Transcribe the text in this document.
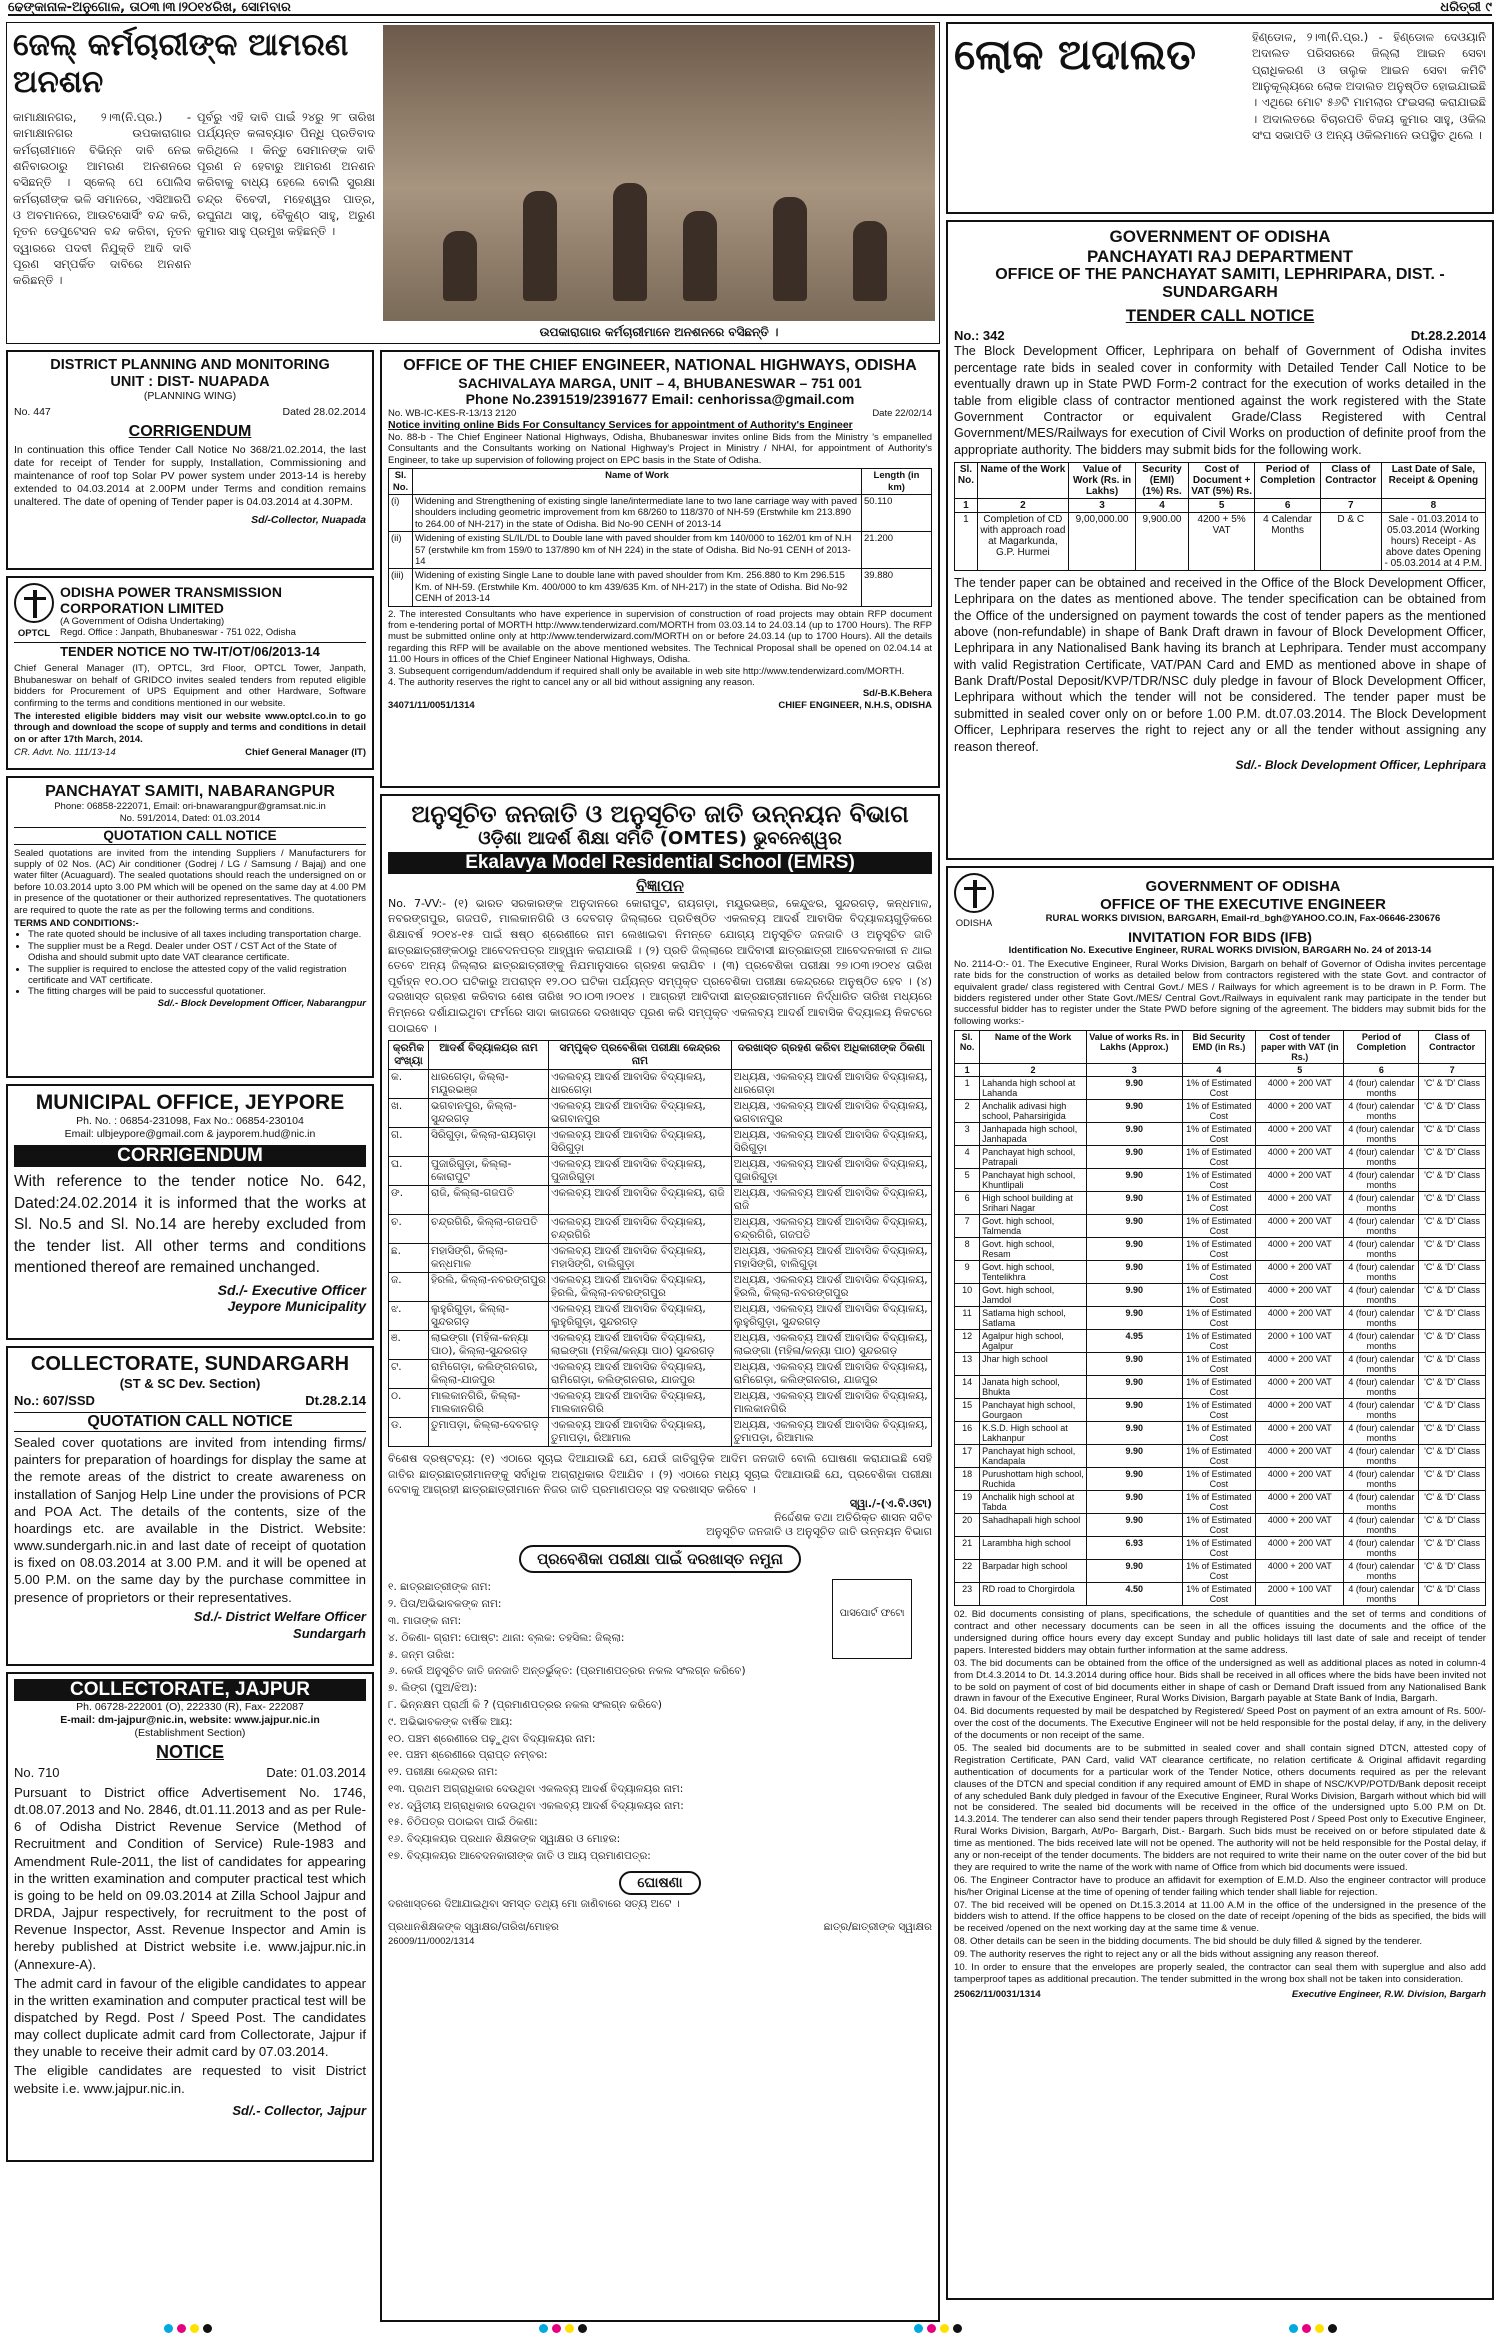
ଢେଙ୍କାନାଳ-ଅନୁଗୋଳ, ତା୦୩।୩।୨୦୧୪ରିଖ, ସୋମବାର	ଧରିତ୍ରୀ ୯
ଜେଲ୍ କର୍ମଚାରୀଙ୍କ ଆମରଣ ଅନଶନ
କାମାକ୍ଷାନଗର, ୨।୩(ନି.ପ୍ର.) - କାମାକ୍ଷାନଗର ଉପକାରାଗାର କର୍ମଚାରୀମାନେ ବିଭିନ୍ନ ଦାବି ନେଇ ଶନିବାରଠାରୁ ଆମରଣ ଅନଶନରେ ବସିଛନ୍ତି । ସ୍କେଲ୍ ପେ ପୋଲିସ କର୍ମଚାରୀଙ୍କ ଭଳି ସମାନରେ, ଏସିଆରପି ଓ ଅବମାନରେ, ଆଉଟସୋର୍ସିଂ ବନ୍ଦ କରି, ନୂତନ ଡେପୁଟେସନ ବନ୍ଦ କରିବା, ନୂତନ ଦ୍ୱାରରେ ପଦବୀ ନିଯୁକ୍ତି ଆଦି ଦାବି ପୂରଣ ସମ୍ପର୍କିତ ଦାବିରେ ଅନଶନ କରିଛନ୍ତି ।
ପୂର୍ବରୁ ଏହି ଦାବି ପାଇଁ ୨୪ରୁ ୨୮ ତାରିଖ ପର୍ଯ୍ୟନ୍ତ କଳାବ୍ୟାଚ ପିନ୍ଧି ପ୍ରତିବାଦ କରିଥିଲେ । କିନ୍ତୁ ସେମାନଙ୍କ ଦାବି ପୂରଣ ନ ହେବାରୁ ଆମରଣ ଅନଶନ କରିବାକୁ ବାଧ୍ୟ ହେଲେ ବୋଲି ସୁରକ୍ଷା ଚନ୍ଦ୍ର ବିବେଦୀ, ମହେଶ୍ୱର ପାତ୍ର, ରଘୁନାଥ ସାହୁ, ବୈକୁଣ୍ଠ ସାହୁ, ଅରୁଣ କୁମାର ସାହୁ ପ୍ରମୁଖ କହିଛନ୍ତି ।
ଉପକାରାଗାର କର୍ମଚାରୀମାନେ ଅନଶନରେ ବସିଛନ୍ତି ।
DISTRICT PLANNING AND MONITORING
UNIT : DIST- NUAPADA
(PLANNING WING)
No. 447	Dated 28.02.2014
CORRIGENDUM
In continuation this office Tender Call Notice No 368/21.02.2014, the last date for receipt of Tender for supply, Installation, Commissioning and maintenance of roof top Solar PV power system under 2013-14 is hereby extended to 04.03.2014 at 2.00PM under Terms and condition remains unaltered. The date of opening of Tender paper is 04.03.2014 at 4.30PM.
Sd/-Collector, Nuapada
OPTCL
ODISHA POWER TRANSMISSION
CORPORATION LIMITED
(A Government of Odisha Undertaking)
Regd. Office : Janpath, Bhubaneswar - 751 022, Odisha
TENDER NOTICE NO TW-IT/OT/06/2013-14
Chief General Manager (IT), OPTCL, 3rd Floor, OPTCL Tower, Janpath, Bhubaneswar on behalf of GRIDCO invites sealed tenders from reputed eligible bidders for Procurement of UPS Equipment and other Hardware, Software confirming to the terms and conditions mentioned in our website.
The interested eligible bidders may visit our website www.optcl.co.in to go through and download the scope of supply and terms and conditions in detail on or after 17th March, 2014.
CR. Advt. No. 111/13-14	Chief General Manager (IT)
PANCHAYAT SAMITI, NABARANGPUR
Phone: 06858-222071, Email: ori-bnawarangpur@gramsat.nic.in
No. 591/2014, Dated: 01.03.2014
QUOTATION CALL NOTICE
Sealed quotations are invited from the intending Suppliers / Manufacturers for supply of 02 Nos. (AC) Air conditioner (Godrej / LG / Samsung / Bajaj) and one water filter (Acuaguard). The sealed quotations should reach the undersigned on or before 10.03.2014 upto 3.00 PM which will be opened on the same day at 4.00 PM in presence of the quotationer or their authorized representatives. The quotationers are required to quote the rate as per the following terms and conditions.
TERMS AND CONDITIONS:-
• The rate quoted should be inclusive of all taxes including transportation charge.
• The supplier must be a Regd. Dealer under OST / CST Act of the State of Odisha and should submit upto date VAT clearance certificate.
• The supplier is required to enclose the attested copy of the valid registration certificate and VAT certificate.
• The fitting charges will be paid to successful quotationer.
Sd/.- Block Development Officer, Nabarangpur
MUNICIPAL OFFICE, JEYPORE
Ph. No. : 06854-231098, Fax No.: 06854-230104
Email: ulbjeypore@gmail.com & jayporem.hud@nic.in
CORRIGENDUM
With reference to the tender notice No. 642, Dated:24.02.2014 it is informed that the works at Sl. No.5 and Sl. No.14 are hereby excluded from the tender list. All other terms and conditions mentioned thereof are remained unchanged.
Sd./- Executive Officer
Jeypore Municipality
COLLECTORATE, SUNDARGARH
(ST & SC Dev. Section)
No.: 607/SSD	Dt.28.2.14
QUOTATION CALL NOTICE
Sealed cover quotations are invited from intending firms/ painters for preparation of hoardings for display the same at the remote areas of the district to create awareness on installation of Sanjog Help Line under the provisions of PCR and POA Act. The details of the contents, size of the hoardings etc. are available in the District. Website: www.sundergarh.nic.in and last date of receipt of quotation is fixed on 08.03.2014 at 3.00 P.M. and it will be opened at 5.00 P.M. on the same day by the purchase committee in presence of proprietors or their representatives.
Sd./- District Welfare Officer
Sundargarh
COLLECTORATE, JAJPUR
Ph. 06728-222001 (O), 222330 (R), Fax- 222087
E-mail: dm-jajpur@nic.in, website: www.jajpur.nic.in
(Establishment Section)
NOTICE
No. 710	Date: 01.03.2014
Pursuant to District office Advertisement No. 1746, dt.08.07.2013 and No. 2846, dt.01.11.2013 and as per Rule-6 of Odisha District Revenue Service (Method of Recruitment and Condition of Service) Rule-1983 and Amendment Rule-2011, the list of candidates for appearing in the written examination and computer practical test which is going to be held on 09.03.2014 at Zilla School Jajpur and DRDA, Jajpur respectively, for recruitment to the post of Revenue Inspector, Asst. Revenue Inspector and Amin is hereby published at District website i.e. www.jajpur.nic.in (Annexure-A).
The admit card in favour of the eligible candidates to appear in the written examination and computer practical test will be dispatched by Regd. Post / Speed Post. The candidates may collect duplicate admit card from Collectorate, Jajpur if they unable to receive their admit card by 07.03.2014.
The eligible candidates are requested to visit District website i.e. www.jajpur.nic.in.
Sd/.- Collector, Jajpur
OFFICE OF THE CHIEF ENGINEER, NATIONAL HIGHWAYS, ODISHA
SACHIVALAYA MARGA, UNIT – 4, BHUBANESWAR – 751 001
Phone No.2391519/2391677 Email: cenhorissa@gmail.com
No. WB-IC-KES-R-13/13 2120	Date 22/02/14
Notice inviting online Bids For Consultancy Services for appointment of Authority's Engineer
No. 88-b - The Chief Engineer National Highways, Odisha, Bhubaneswar invites online Bids from the Ministry 's empanelled Consultants and the Consultants working on National Highway's Project in Ministry / NHAI, for appointment of Authority's Engineer, to take up supervision of following project on EPC basis in the State of Odisha.
Sl. No.	Name of Work	Length (in km)
(i)	Widening and Strengthening of existing single lane/intermediate lane to two lane carriage way with paved shoulders including geometric improvement from km 68/260 to 118/370 of NH-59 (Erstwhile km 213.890 to 264.00 of NH-217) in the state of Odisha. Bid No-90 CENH of 2013-14	50.110
(ii)	Widening of existing SL/IL/DL to Double lane with paved shoulder from km 140/000 to 162/01 km of N.H 57 (erstwhile km from 159/0 to 137/890 km of NH 224) in the state of Odisha. Bid No-91 CENH of 2013-14	21.200
(iii)	Widening of existing Single Lane to double lane with paved shoulder from Km. 256.880 to Km 296.515 Km. of NH-59. (Erstwhile Km. 400/000 to km 439/635 Km. of NH-217) in the state of Odisha. Bid No-92 CENH of 2013-14	39.880
2. The interested Consultants who have experience in supervision of construction of road projects may obtain RFP document from e-tendering portal of MORTH http://www.tenderwizard.com/MORTH from 03.03.14 to 24.03.14 (up to 1700 Hours). The RFP must be submitted online only at http://www.tenderwizard.com/MORTH on or before 24.03.14 (up to 1700 Hours). All the details regarding this RFP will be available on the above mentioned websites. The Technical Proposal shall be opened on 02.04.14 at 11.00 Hours in offices of the Chief Engineer National Highways, Odisha.
3. Subsequent corrigendum/addendum if required shall only be available in web site http://www.tenderwizard.com/MORTH.
4. The authority reserves the right to cancel any or all bid without assigning any reason.
Sd/-B.K.Behera
34071/11/0051/1314	CHIEF ENGINEER, N.H.S, ODISHA
ଅନୁସୂଚିତ ଜନଜାତି ଓ ଅନୁସୂଚିତ ଜାତି ଉନ୍ନୟନ ବିଭାଗ
ଓଡ଼ିଶା ଆଦର୍ଶ ଶିକ୍ଷା ସମିତି (OMTES) ଭୁବନେଶ୍ୱର
Ekalavya Model Residential School (EMRS)
ବିଜ୍ଞାପନ
No. 7-VV:- (୧) ଭାରତ ସରକାରଙ୍କ ଅନୁଦାନରେ କୋରାପୁଟ, ରାୟଗଡ଼ା, ମୟୂରଭଞ୍ଜ, କେନ୍ଦୁଝର, ସୁନ୍ଦରଗଡ଼, କନ୍ଧମାଳ, ନବରଙ୍ଗପୁର, ଗଜପତି, ମାଲକାନଗିରି ଓ ଦେବଗଡ଼ ଜିଲ୍ଲାରେ ପ୍ରତିଷ୍ଠିତ ଏକଲବ୍ୟ ଆଦର୍ଶ ଆବାସିକ ବିଦ୍ୟାଳୟଗୁଡ଼ିକରେ ଶିକ୍ଷାବର୍ଷ ୨୦୧୪-୧୫ ପାଇଁ ଷଷ୍ଠ ଶ୍ରେଣୀରେ ନାମ ଲେଖାଇବା ନିମନ୍ତେ ଯୋଗ୍ୟ ଅନୁସୂଚିତ ଜନଜାତି ଓ ଅନୁସୂଚିତ ଜାତି ଛାତ୍ରଛାତ୍ରୀଙ୍କଠାରୁ ଆବେଦନପତ୍ର ଆହ୍ୱାନ କରାଯାଉଛି । (୨) ପ୍ରତି ଜିଲ୍ଲାରେ ଆଦିବାସୀ ଛାତ୍ରଛାତ୍ରୀ ଆବେଦନକାରୀ ନ ଥାଇ ତେବେ ଅନ୍ୟ ଜିଲ୍ଲାର ଛାତ୍ରଛାତ୍ରୀଙ୍କୁ ନିଯମାନୁସାରେ ଗ୍ରହଣ କରାଯିବ । (୩) ପ୍ରବେଶିକା ପରୀକ୍ଷା ୨୭।୦୩।୨୦୧୪ ତାରିଖ ପୂର୍ବାହ୍ନ ୧୦.୦୦ ଘଟିକାରୁ ଅପରାହ୍ନ ୧୨.୦୦ ଘଟିକା ପର୍ଯ୍ୟନ୍ତ ସମ୍ପୃକ୍ତ ପ୍ରବେଶିକା ପରୀକ୍ଷା କେନ୍ଦ୍ରରେ ଅନୁଷ୍ଠିତ ହେବ । (୪) ଦରଖାସ୍ତ ଗ୍ରହଣ କରିବାର ଶେଷ ତାରିଖ ୨୦।୦୩।୨୦୧୪ । ଆଗ୍ରହୀ ଆବିଦାସୀ ଛାତ୍ରଛାତ୍ରୀମାନେ ନିର୍ଦ୍ଧାରିତ ତାରିଖ ମଧ୍ୟରେ ନିମ୍ନରେ ଦର୍ଶାଯାଇଥିବା ଫର୍ମରେ ସାଦା କାଗଜରେ ଦରଖାସ୍ତ ପୂରଣ କରି ସମ୍ପୃକ୍ତ ଏକଲବ୍ୟ ଆଦର୍ଶ ଆବାସିକ ବିଦ୍ୟାଳୟ ନିକଟରେ ପଠାଇବେ ।
କ୍ରମିକ ସଂଖ୍ୟା	ଆଦର୍ଶ ବିଦ୍ୟାଳୟର ନାମ	ସମ୍ପୃକ୍ତ ପ୍ରବେଶିକା ପରୀକ୍ଷା କେନ୍ଦ୍ରର ନାମ	ଦରଖାସ୍ତ ଗ୍ରହଣ କରିବା ଅଧିକାରୀଙ୍କ ଠିକଣା
କ.	ଧାରଗେଡ଼ା, କିଲ୍ଲା-ମୟୂରଭଞ୍ଜ	ଏକଲବ୍ୟ ଆଦର୍ଶ ଆବାସିକ ବିଦ୍ୟାଳୟ, ଧାରଗେଡ଼ା	ଅଧ୍ୟକ୍ଷ, ଏକଲବ୍ୟ ଆଦର୍ଶ ଆବାସିକ ବିଦ୍ୟାଳୟ, ଧାରଗେଡ଼ା
ଖ.	ଭଗବାନପୁର, କିଲ୍ଲା-ସୁନ୍ଦରଗଡ଼	ଏକଲବ୍ୟ ଆଦର୍ଶ ଆବାସିକ ବିଦ୍ୟାଳୟ, ଭଗବାନପୁର	ଅଧ୍ୟକ୍ଷ, ଏକଲବ୍ୟ ଆଦର୍ଶ ଆବାସିକ ବିଦ୍ୟାଳୟ, ଭଗବାନପୁର
ଗ.	ସିରିଗୁଡ଼ା, କିଲ୍ଲା-ରାୟଗଡ଼ା	ଏକଲବ୍ୟ ଆଦର୍ଶ ଆବାସିକ ବିଦ୍ୟାଳୟ, ସିରିଗୁଡ଼ା	ଅଧ୍ୟକ୍ଷ, ଏକଲବ୍ୟ ଆଦର୍ଶ ଆବାସିକ ବିଦ୍ୟାଳୟ, ସିରିଗୁଡ଼ା
ଘ.	ପୁଜାରିଗୁଡ଼ା, କିଲ୍ଲା-କୋରାପୁଟ	ଏକଲବ୍ୟ ଆଦର୍ଶ ଆବାସିକ ବିଦ୍ୟାଳୟ, ପୁଜାରିଗୁଡ଼ା	ଅଧ୍ୟକ୍ଷ, ଏକଲବ୍ୟ ଆଦର୍ଶ ଆବାସିକ ବିଦ୍ୟାଳୟ, ପୁଜାରିଗୁଡ଼ା
ଙ.	ରାଜି, କିଲ୍ଲା-ଗଜପତି	ଏକଲବ୍ୟ ଆଦର୍ଶ ଆବାସିକ ବିଦ୍ୟାଳୟ, ରାଜି	ଅଧ୍ୟକ୍ଷ, ଏକଲବ୍ୟ ଆଦର୍ଶ ଆବାସିକ ବିଦ୍ୟାଳୟ, ରାଜି
ଚ.	ଚନ୍ଦ୍ରଗିରି, କିଲ୍ଲା-ଗଜପତି	ଏକଲବ୍ୟ ଆଦର୍ଶ ଆବାସିକ ବିଦ୍ୟାଳୟ, ଚନ୍ଦ୍ରଗିରି	ଅଧ୍ୟକ୍ଷ, ଏକଲବ୍ୟ ଆଦର୍ଶ ଆବାସିକ ବିଦ୍ୟାଳୟ, ଚନ୍ଦ୍ରଗିରି, ଗଜପତି
ଛ.	ମହାସିଙ୍ଗି, କିଲ୍ଲା-କନ୍ଧମାଳ	ଏକଲବ୍ୟ ଆଦର୍ଶ ଆବାସିକ ବିଦ୍ୟାଳୟ, ମହାସିଙ୍ଗି, ବାଲିଗୁଡ଼ା	ଅଧ୍ୟକ୍ଷ, ଏକଲବ୍ୟ ଆଦର୍ଶ ଆବାସିକ ବିଦ୍ୟାଳୟ, ମହାସିଙ୍ଗି, ବାଲିଗୁଡ଼ା
ଜ.	ହିରଲି, କିଲ୍ଲା-ନବରଙ୍ଗପୁର	ଏକଲବ୍ୟ ଆଦର୍ଶ ଆବାସିକ ବିଦ୍ୟାଳୟ, ହିରଲି, କିଲ୍ଲା-ନବରଙ୍ଗପୁର	ଅଧ୍ୟକ୍ଷ, ଏକଲବ୍ୟ ଆଦର୍ଶ ଆବାସିକ ବିଦ୍ୟାଳୟ, ହିରଲି, କିଲ୍ଲା-ନବରଙ୍ଗପୁର
ଝ.	ଲୁହୁରିଗୁଡ଼ା, କିଲ୍ଲା-ସୁନ୍ଦରଗଡ଼	ଏକଲବ୍ୟ ଆଦର୍ଶ ଆବାସିକ ବିଦ୍ୟାଳୟ, ଲୁହୁରିଗୁଡ଼ା, ସୁନ୍ଦରଗଡ଼	ଅଧ୍ୟକ୍ଷ, ଏକଲବ୍ୟ ଆଦର୍ଶ ଆବାସିକ ବିଦ୍ୟାଳୟ, ଲୁହୁରିଗୁଡ଼ା, ସୁନ୍ଦରଗଡ଼
ଞ.	ଲାଇଙ୍ଗା (ମହିଳା-କନ୍ୟା ପାଠ), କିଲ୍ଲା-ସୁନ୍ଦରଗଡ଼	ଏକଲବ୍ୟ ଆଦର୍ଶ ଆବାସିକ ବିଦ୍ୟାଳୟ, ଲାଇଙ୍ଗା (ମହିଳା/କନ୍ୟା ପାଠ) ସୁନ୍ଦରଗଡ଼	ଅଧ୍ୟକ୍ଷ, ଏକଲବ୍ୟ ଆଦର୍ଶ ଆବାସିକ ବିଦ୍ୟାଳୟ, ଲାଇଙ୍ଗା (ମହିଳା/କନ୍ୟା ପାଠ) ସୁନ୍ଦରଗଡ଼
ଟ.	ରାମିଗେଡ଼ା, କଲିଙ୍ଗନଗର, କିଲ୍ଲା-ଯାଜପୁର	ଏକଲବ୍ୟ ଆଦର୍ଶ ଆବାସିକ ବିଦ୍ୟାଳୟ, ରାମିଗେଡ଼ା, କଲିଙ୍ଗନଗର, ଯାଜପୁର	ଅଧ୍ୟକ୍ଷ, ଏକଲବ୍ୟ ଆଦର୍ଶ ଆବାସିକ ବିଦ୍ୟାଳୟ, ରାମିଗେଡ଼ା, କଲିଙ୍ଗନଗର, ଯାଜପୁର
ଠ.	ମାଲକାନଗିରି, କିଲ୍ଲା-ମାଲକାନଗିରି	ଏକଲବ୍ୟ ଆଦର୍ଶ ଆବାସିକ ବିଦ୍ୟାଳୟ, ମାଲକାନଗିରି	ଅଧ୍ୟକ୍ଷ, ଏକଲବ୍ୟ ଆଦର୍ଶ ଆବାସିକ ବିଦ୍ୟାଳୟ, ମାଲକାନଗିରି
ଡ.	ତୁମାପଡ଼ା, କିଲ୍ଲା-ଦେବଗଡ଼	ଏକଲବ୍ୟ ଆଦର୍ଶ ଆବାସିକ ବିଦ୍ୟାଳୟ, ତୁମାପଡ଼ା, ରିଆମାଲ	ଅଧ୍ୟକ୍ଷ, ଏକଲବ୍ୟ ଆଦର୍ଶ ଆବାସିକ ବିଦ୍ୟାଳୟ, ତୁମାପଡ଼ା, ରିଆମାଲ
ବିଶେଷ ଦ୍ରଷ୍ଟବ୍ୟ: (୧) ଏଠାରେ ସୂଚାଇ ଦିଆଯାଉଛି ଯେ, ଯେଉଁ ଜାତିଗୁଡ଼ିକ ଆଦିମ ଜନଜାତି ବୋଲି ଘୋଷଣା କରାଯାଇଛି ସେହି ଜାତିର ଛାତ୍ରଛାତ୍ରୀମାନଙ୍କୁ ସର୍ବାଧିକ ଅଗ୍ରାଧିକାର ଦିଆଯିବ । (୨) ଏଠାରେ ମଧ୍ୟ ସୂଚାଇ ଦିଆଯାଉଛି ଯେ, ପ୍ରବେଶିକା ପରୀକ୍ଷା ଦେବାକୁ ଆଗ୍ରହୀ ଛାତ୍ରଛାତ୍ରୀମାନେ ନିଜର ଜାତି ପ୍ରମାଣପତ୍ର ସହ ଦରଖାସ୍ତ କରିବେ ।
ସ୍ୱା./-(ଏ.ବି.ଓଟା)
ନିର୍ଦ୍ଦେଶକ ତଥା ଅତିରିକ୍ତ ଶାସନ ସଚିବ
ଅନୁସୂଚିତ ଜନଜାତି ଓ ଅନୁସୂଚିତ ଜାତି ଉନ୍ନୟନ ବିଭାଗ
ପ୍ରବେଶିକା ପରୀକ୍ଷା ପାଇଁ ଦରଖାସ୍ତ ନମୁନା
ପାସପୋର୍ଟ ଫଟୋ
୧. ଛାତ୍ରଛାତ୍ରୀଙ୍କ ନାମ:
୨. ପିତା/ଅଭିଭାବକଙ୍କ ନାମ:
୩. ମାତାଙ୍କ ନାମ:
୪. ଠିକଣା- ଗ୍ରାମ: ପୋଷ୍ଟ: ଥାନା: ବ୍ଲକ: ତହସିଲ: ଜିଲ୍ଲା:
୫. ଜନ୍ମ ତାରିଖ:
୬. କେଉଁ ଅନୁସୂଚିତ ଜାତି ଜନଜାତି ଅନ୍ତର୍ଭୁକ୍ତ: (ପ୍ରମାଣପତ୍ରର ନକଲ ସଂଲଗ୍ନ କରିବେ)
୭. ଲିଙ୍ଗ (ପୁଅ/ଝିଅ):
୮. ଭିନ୍ନକ୍ଷମ ପ୍ରାର୍ଥୀ କି ? (ପ୍ରମାଣପତ୍ରର ନକଲ ସଂଲଗ୍ନ କରିବେ)
୯. ଅଭିଭାବକଙ୍କ ବାର୍ଷିକ ଆୟ:
୧୦. ପଞ୍ଚମ ଶ୍ରେଣୀରେ ପଢ଼ୁଥିବା ବିଦ୍ୟାଳୟର ନାମ:
୧୧. ପଞ୍ଚମ ଶ୍ରେଣୀରେ ପ୍ରାପ୍ତ ନମ୍ବର:
୧୨. ପରୀକ୍ଷା କେନ୍ଦ୍ରର ନାମ:
୧୩. ପ୍ରଥମ ଅଗ୍ରାଧିକାର ଦେଉଥିବା ଏକଲବ୍ୟ ଆଦର୍ଶ ବିଦ୍ୟାଳୟର ନାମ:
୧୪. ଦ୍ୱିତୀୟ ଅଗ୍ରାଧିକାର ଦେଉଥିବା ଏକଲବ୍ୟ ଆଦର୍ଶ ବିଦ୍ୟାଳୟର ନାମ:
୧୫. ଚିଠିପତ୍ର ପଠାଇବା ପାଇଁ ଠିକଣା:
୧୬. ବିଦ୍ୟାଳୟର ପ୍ରଧାନ ଶିକ୍ଷକଙ୍କ ସ୍ୱାକ୍ଷର ଓ ମୋହର:
୧୭. ବିଦ୍ୟାଳୟର ଆବେଦନକାରୀଙ୍କ ଜାତି ଓ ଆୟ ପ୍ରମାଣପତ୍ର:
ଘୋଷଣା
ଦରଖାସ୍ତରେ ଦିଆଯାଇଥିବା ସମସ୍ତ ତଥ୍ୟ ମୋ ଜାଣିବାରେ ସତ୍ୟ ଅଟେ ।
ପ୍ରଧାନଶିକ୍ଷକଙ୍କ ସ୍ୱାକ୍ଷର/ତାରିଖ/ମୋହର	ଛାତ୍ର/ଛାତ୍ରୀଙ୍କ ସ୍ୱାକ୍ଷର
26009/11/0002/1314
ଲୋକ ଅଦାଲତ	ହିଣ୍ଡୋଳ, ୨।୩(ନି.ପ୍ର.) - ହିଣ୍ଡୋଳ ଦେଓୟାନି ଅଦାଲତ ପରିସରରେ ଜିଲ୍ଲା ଆଇନ ସେବା ପ୍ରାଧିକରଣ ଓ ତାଲୁକ ଆଇନ ସେବା କମିଟି ଆନୁକୂଲ୍ୟରେ ଲୋକ ଅଦାଲତ ଅନୁଷ୍ଠିତ ହୋଇଯାଇଛି । ଏଥିରେ ମୋଟ ୫୬ଟି ମାମଲାର ଫଇସଲା କରାଯାଇଛି । ଅଦାଲତରେ ବିଚାରପତି ବିଜୟ କୁମାର ସାହୁ, ଓକିଲ ସଂଘ ସଭାପତି ଓ ଅନ୍ୟ ଓକିଲମାନେ ଉପସ୍ଥିତ ଥିଲେ ।
GOVERNMENT OF ODISHA
PANCHAYATI RAJ DEPARTMENT
OFFICE OF THE PANCHAYAT SAMITI, LEPHRIPARA, DIST. - SUNDARGARH
TENDER CALL NOTICE
No.: 342	Dt.28.2.2014
The Block Development Officer, Lephripara on behalf of Government of Odisha invites percentage rate bids in sealed cover in conformity with Detailed Tender Call Notice to be eventually drawn up in State PWD Form-2 contract for the execution of works detailed in the table from eligible class of contractor mentioned against the work registered with the State Government Contractor or equivalent Grade/Class Registered with Central Government/MES/Railways for execution of Civil Works on production of definite proof from the appropriate authority. The bidders may submit bids for the following work.
Sl. No.	Name of the Work	Value of Work (Rs. in Lakhs)	Security (EMI) (1%) Rs.	Cost of Document + VAT (5%) Rs.	Period of Completion	Class of Contractor	Last Date of Sale, Receipt & Opening
1	2	3	4	5	6	7	8
1	Completion of CD with approach road at Magarkunda, G.P. Hurmei	9,00,000.00	9,900.00	4200 + 5% VAT	4 Calendar Months	D & C	Sale - 01.03.2014 to 05.03.2014 (Working hours) Receipt - As above dates Opening - 05.03.2014 at 4 P.M.
The tender paper can be obtained and received in the Office of the Block Development Officer, Lephripara on the dates as mentioned above. The tender specification can be obtained from the Office of the undersigned on payment towards the cost of tender papers as the mentioned above (non-refundable) in shape of Bank Draft drawn in favour of Block Development Officer, Lephripara in any Nationalised Bank having its branch at Lephripara. Tender must accompany with valid Registration Certificate, VAT/PAN Card and EMD as mentioned above in shape of Bank Draft/Postal Deposit/KVP/TDR/NSC duly pledge in favour of Block Development Officer, Lephripara without which the tender will not be considered. The tender paper must be submitted in sealed cover only on or before 1.00 P.M. dt.07.03.2014. The Block Development Officer, Lephripara reserves the right to reject any or all the tender without assigning any reason thereof.
Sd/.- Block Development Officer, Lephripara
ODISHA
GOVERNMENT OF ODISHA
OFFICE OF THE EXECUTIVE ENGINEER
RURAL WORKS DIVISION, BARGARH, Email-rd_bgh@YAHOO.CO.IN, Fax-06646-230676
INVITATION FOR BIDS (IFB)
Identification No. Executive Engineer, RURAL WORKS DIVISION, BARGARH No. 24 of 2013-14
No. 2114-O:- 01. The Executive Engineer, Rural Works Division, Bargarh on behalf of Governor of Odisha invites percentage rate bids for the construction of works as detailed below from contractors registered with the state Govt. and contractor of equivalent grade/ class registered with Central Govt./ MES / Railways for which agreement is to be drawn in P. Form. The bidders registered under other State Govt./MES/ Central Govt./Railways in equivalent rank may participate in the tender but successful bidder has to register under the State PWD before signing of the agreement. The bidders may submit bids for the following works:-
Sl. No.	Name of the Work	Value of works Rs. in Lakhs (Approx.)	Bid Security EMD (in Rs.)	Cost of tender paper with VAT (in Rs.)	Period of Completion	Class of Contractor
1	2	3	4	5	6	7
1	Lahanda high school at Lahanda	9.90	1% of Estimated Cost	4000 + 200 VAT	4 (four) calendar months	'C' & 'D' Class
2	Anchalik adivasi high school, Paharsirigida	9.90	1% of Estimated Cost	4000 + 200 VAT	4 (four) calendar months	'C' & 'D' Class
3	Janhapada high school, Janhapada	9.90	1% of Estimated Cost	4000 + 200 VAT	4 (four) calendar months	'C' & 'D' Class
4	Panchayat high school, Patrapali	9.90	1% of Estimated Cost	4000 + 200 VAT	4 (four) calendar months	'C' & 'D' Class
5	Panchayat high school, Khuntlipali	9.90	1% of Estimated Cost	4000 + 200 VAT	4 (four) calendar months	'C' & 'D' Class
6	High school building at Srihari Nagar	9.90	1% of Estimated Cost	4000 + 200 VAT	4 (four) calendar months	'C' & 'D' Class
7	Govt. high school, Talmenda	9.90	1% of Estimated Cost	4000 + 200 VAT	4 (four) calendar months	'C' & 'D' Class
8	Govt. high school, Resam	9.90	1% of Estimated Cost	4000 + 200 VAT	4 (four) calendar months	'C' & 'D' Class
9	Govt. high school, Tentelikhra	9.90	1% of Estimated Cost	4000 + 200 VAT	4 (four) calendar months	'C' & 'D' Class
10	Govt. high school, Jamdol	9.90	1% of Estimated Cost	4000 + 200 VAT	4 (four) calendar months	'C' & 'D' Class
11	Satlama high school, Satlama	9.90	1% of Estimated Cost	4000 + 200 VAT	4 (four) calendar months	'C' & 'D' Class
12	Agalpur high school, Agalpur	4.95	1% of Estimated Cost	2000 + 100 VAT	4 (four) calendar months	'C' & 'D' Class
13	Jhar high school	9.90	1% of Estimated Cost	4000 + 200 VAT	4 (four) calendar months	'C' & 'D' Class
14	Janata high school, Bhukta	9.90	1% of Estimated Cost	4000 + 200 VAT	4 (four) calendar months	'C' & 'D' Class
15	Panchayat high school, Gourgaon	9.90	1% of Estimated Cost	4000 + 200 VAT	4 (four) calendar months	'C' & 'D' Class
16	K.S.D. High school at Lakhanpur	9.90	1% of Estimated Cost	4000 + 200 VAT	4 (four) calendar months	'C' & 'D' Class
17	Panchayat high school, Kandapala	9.90	1% of Estimated Cost	4000 + 200 VAT	4 (four) calendar months	'C' & 'D' Class
18	Purushottam high school, Ruchida	9.90	1% of Estimated Cost	4000 + 200 VAT	4 (four) calendar months	'C' & 'D' Class
19	Anchalik high school at Tabda	9.90	1% of Estimated Cost	4000 + 200 VAT	4 (four) calendar months	'C' & 'D' Class
20	Sahadhapali high school	9.90	1% of Estimated Cost	4000 + 200 VAT	4 (four) calendar months	'C' & 'D' Class
21	Larambha high school	6.93	1% of Estimated Cost	4000 + 200 VAT	4 (four) calendar months	'C' & 'D' Class
22	Barpadar high school	9.90	1% of Estimated Cost	4000 + 200 VAT	4 (four) calendar months	'C' & 'D' Class
23	RD road to Chorgirdola	4.50	1% of Estimated Cost	2000 + 100 VAT	4 (four) calendar months	'C' & 'D' Class
02. Bid documents consisting of plans, specifications, the schedule of quantities and the set of terms and conditions of contract and other necessary documents can be seen in all the offices issuing the documents and the office of the undersigned during office hours every day except Sunday and public holidays till last date of sale and receipt of tender papers. Interested bidders may obtain further information at the same address.
03. The bid documents can be obtained from the office of the undersigned as well as additional places as noted in column-4 from Dt.4.3.2014 to Dt. 14.3.2014 during office hour. Bids shall be received in all offices where the bids have been invited not to be sold on payment of cost of bid documents either in shape of cash or Demand Draft issued from any Nationalised Bank drawn in favour of the Executive Engineer, Rural Works Division, Bargarh payable at State Bank of India, Bargarh.
04. Bid documents requested by mail be despatched by Registered/ Speed Post on payment of an extra amount of Rs. 500/- over the cost of the documents. The Executive Engineer will not be held responsible for the postal delay, if any, in the delivery of the documents or non receipt of the same.
05. The sealed bid documents are to be submitted in sealed cover and shall contain signed DTCN, attested copy of Registration Certificate, PAN Card, valid VAT clearance certificate, no relation certificate & Original affidavit regarding authentication of documents for a particular work of the Tender Notice, others documents required as per the relevant clauses of the DTCN and special condition if any required amount of EMD in shape of NSC/KVP/POTD/Bank deposit receipt of any scheduled Bank duly pledged in favour of the Executive Engineer, Rural Works Division, Bargarh without which bid will not be considered. The sealed bid documents will be received in the office of the undersigned upto 5.00 P.M on Dt. 14.3.2014. The tenderer can also send their tender papers through Registered Post / Speed Post only to Executive Engineer, Rural Works Division, Bargarh, At/Po- Bargarh, Dist.- Bargarh. Such bids must be received on or before stipulated date & time as mentioned. The bids received late will not be opened. The authority will not be held responsible for the Postal delay, if any or non-receipt of the tender documents. The bidders are not required to write their name on the outer cover of the bid but they are required to write the name of the work with name of Office from which bid documents were issued.
06. The Engineer Contractor have to produce an affidavit for exemption of E.M.D. Also the engineer contractor will produce his/her Original License at the time of opening of tender failing which tender shall liable for rejection.
07. The bid received will be opened on Dt.15.3.2014 at 11.00 A.M in the office of the undersigned in the presence of the bidders wish to attend. If the office happens to be closed on the date of receipt /opening of the bids as specified, the bids will be received /opened on the next working day at the same time & venue.
08. Other details can be seen in the bidding documents. The bid should be duly filled & signed by the tenderer.
09. The authority reserves the right to reject any or all the bids without assigning any reason thereof.
10. In order to ensure that the envelopes are properly sealed, the contractor can seal them with superglue and also add tamperproof tapes as additional precaution. The tender submitted in the wrong box shall not be taken into consideration.
25062/11/0031/1314	Executive Engineer, R.W. Division, Bargarh
